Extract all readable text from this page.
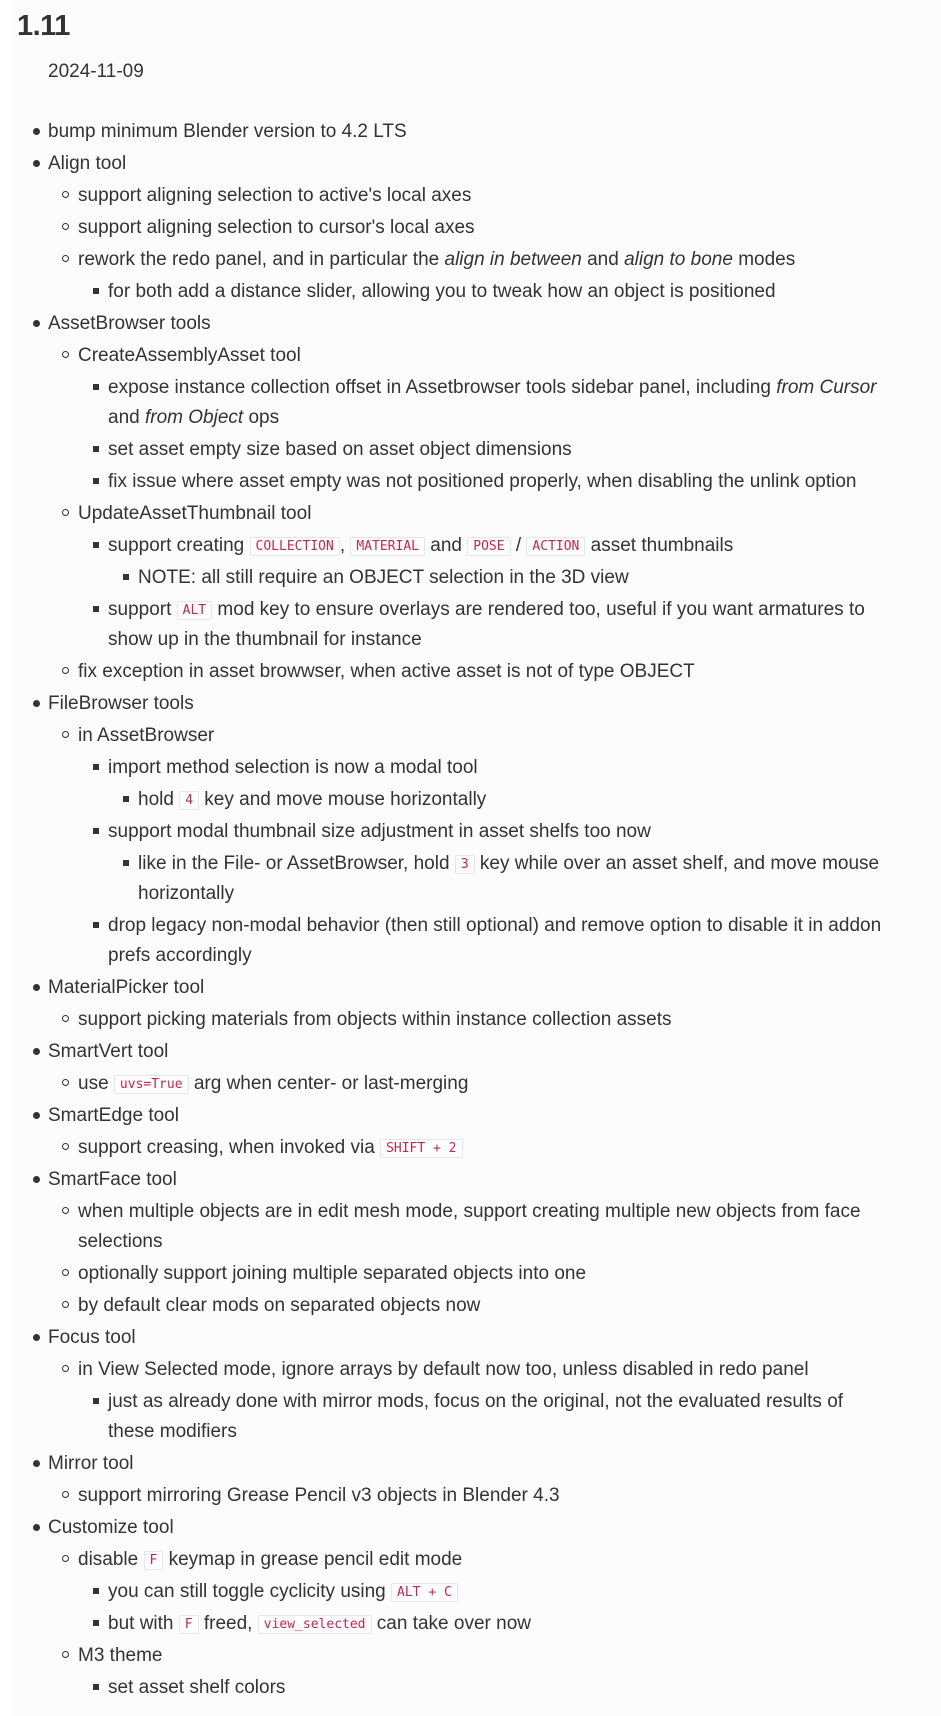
1.11
2024-11-09
bump minimum Blender version to 4.2 LTS
Align tool
support aligning selection to active's local axes
support aligning selection to cursor's local axes
rework the redo panel, and in particular the align in between and align to bone modes
for both add a distance slider, allowing you to tweak how an object is positioned
AssetBrowser tools
CreateAssemblyAsset tool
expose instance collection offset in Assetbrowser tools sidebar panel, including from Cursor and from Object ops
set asset empty size based on asset object dimensions
fix issue where asset empty was not positioned properly, when disabling the unlink option
UpdateAssetThumbnail tool
support creating COLLECTION , MATERIAL and POSE / ACTION asset thumbnails
NOTE: all still require an OBJECT selection in the 3D view
support ALT mod key to ensure overlays are rendered too, useful if you want armatures to show up in the thumbnail for instance
fix exception in asset browwser, when active asset is not of type OBJECT
FileBrowser tools
in AssetBrowser
import method selection is now a modal tool
hold 4 key and move mouse horizontally
support modal thumbnail size adjustment in asset shelfs too now
like in the File- or AssetBrowser, hold 3 key while over an asset shelf, and move mouse horizontally
drop legacy non-modal behavior (then still optional) and remove option to disable it in addon prefs accordingly
MaterialPicker tool
support picking materials from objects within instance collection assets
SmartVert tool
use uvs=True arg when center- or last-merging
SmartEdge tool
support creasing, when invoked via SHIFT + 2
SmartFace tool
when multiple objects are in edit mesh mode, support creating multiple new objects from face selections
optionally support joining multiple separated objects into one
by default clear mods on separated objects now
Focus tool
in View Selected mode, ignore arrays by default now too, unless disabled in redo panel
just as already done with mirror mods, focus on the original, not the evaluated results of these modifiers
Mirror tool
support mirroring Grease Pencil v3 objects in Blender 4.3
Customize tool
disable F keymap in grease pencil edit mode
you can still toggle cyclicity using ALT + C
but with F freed, view_selected can take over now
M3 theme
set asset shelf colors
